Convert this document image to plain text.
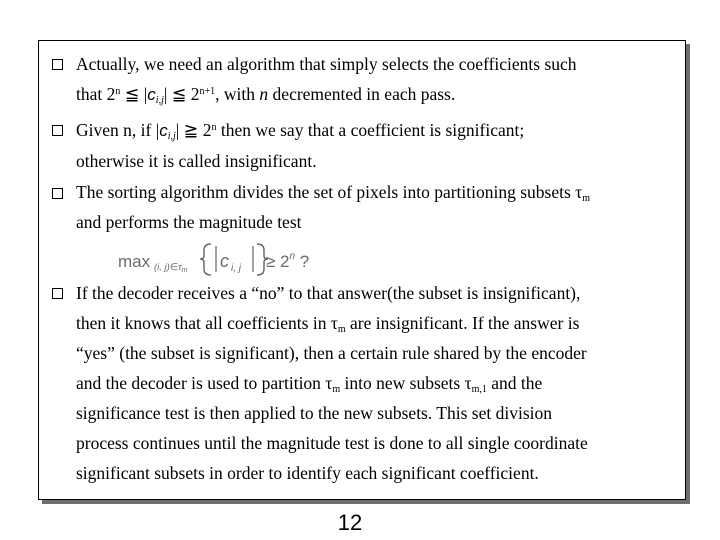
Actually, we need an algorithm that simply selects the coefficients such
that 2$^n$ ≦ $|c_{i,j}|$ ≦ $2^{n+1}$, with n decremented in each pass.
Given n, if $|c_{i,j}|$ ≧ 2$^n$ then we say that a coefficient is significant;
otherwise it is called insignificant.
The sorting algorithm divides the set of pixels into partitioning subsets $\tau_m$
and performs the magnitude test
max (i, $j)\in\tau_m$ c i, $j \ge 2^n$ ?
If the decoder receives a “no” to that answer(the subset is insignificant),
then it knows that all coefficients in $\tau_m$ are insignificant. If the answer is
“yes” (the subset is significant), then a certain rule shared by the encoder
and the decoder is used to partition $\tau_m$ into new subsets $\tau_{m,1}$ and the
significance test is then applied to the new subsets. This set division
process continues until the magnitude test is done to all single coordinate
significant subsets in order to identify each significant coefficient.
12
